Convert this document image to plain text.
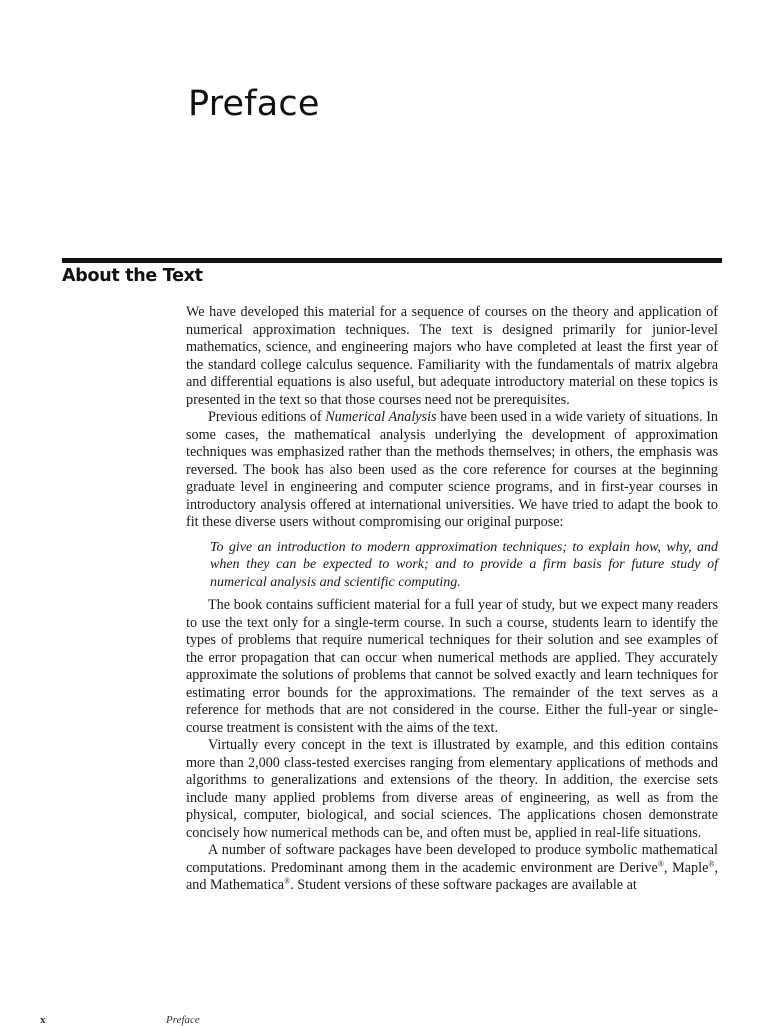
Preface
About the Text

We have developed this material for a sequence of courses on the theory and application of numerical approximation techniques. The text is designed primarily for junior-level mathematics, science, and engineering majors who have completed at least the first year of the standard college calculus sequence. Familiarity with the fundamentals of matrix algebra and differential equations is also useful, but adequate introductory material on these topics is presented in the text so that those courses need not be prerequisites.

Previous editions of Numerical Analysis have been used in a wide variety of situations. In some cases, the mathematical analysis underlying the development of approximation techniques was emphasized rather than the methods themselves; in others, the emphasis was reversed. The book has also been used as the core reference for courses at the beginning graduate level in engineering and computer science programs, and in first-year courses in introductory analysis offered at international universities. We have tried to adapt the book to fit these diverse users without compromising our original purpose:

To give an introduction to modern approximation techniques; to explain how, why, and when they can be expected to work; and to provide a firm basis for future study of numerical analysis and scientific computing.

The book contains sufficient material for a full year of study, but we expect many readers to use the text only for a single-term course. In such a course, students learn to identify the types of problems that require numerical techniques for their solution and see examples of the error propagation that can occur when numerical methods are applied. They accurately approximate the solutions of problems that cannot be solved exactly and learn techniques for estimating error bounds for the approximations. The remainder of the text serves as a reference for methods that are not considered in the course. Either the full-year or single-course treatment is consistent with the aims of the text.

Virtually every concept in the text is illustrated by example, and this edition contains more than 2,000 class-tested exercises ranging from elementary applications of methods and algorithms to generalizations and extensions of the theory. In addition, the exercise sets include many applied problems from diverse areas of engineering, as well as from the physical, computer, biological, and social sciences. The applications chosen demonstrate concisely how numerical methods can be, and often must be, applied in real-life situations.

A number of software packages have been developed to produce symbolic mathematical computations. Predominant among them in the academic environment are Derive®, Maple®, and Mathematica®. Student versions of these software packages are available at

x	Preface
